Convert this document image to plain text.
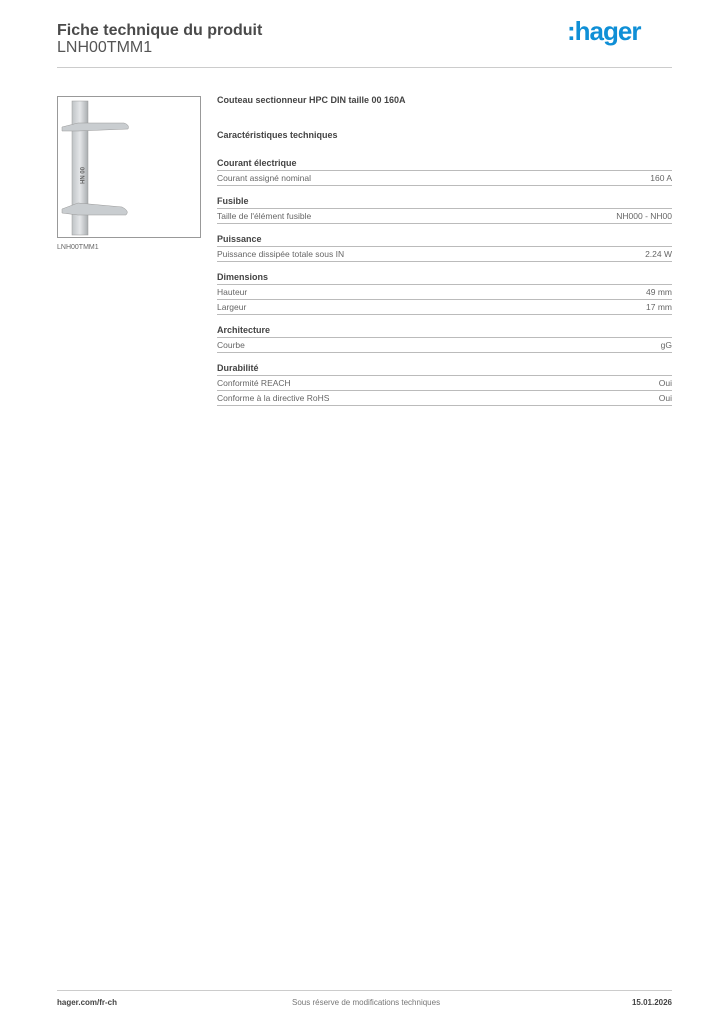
Fiche technique du produit
LNH00TMM1
:hager
00 NH
LNH00TMM1
Couteau sectionneur HPC DIN taille 00 160A
Caractéristiques techniques
Courant électrique
Courant assigné nominal	160 A
Fusible
Taille de l'élément fusible	NH000 - NH00
Puissance
Puissance dissipée totale sous IN	2.24 W
Dimensions
Hauteur	49 mm
Largeur	17 mm
Architecture
Courbe	gG
Durabilité
Conformité REACH	Oui
Conforme à la directive RoHS	Oui
hager.com/fr-ch	Sous réserve de modifications techniques	15.01.2026
